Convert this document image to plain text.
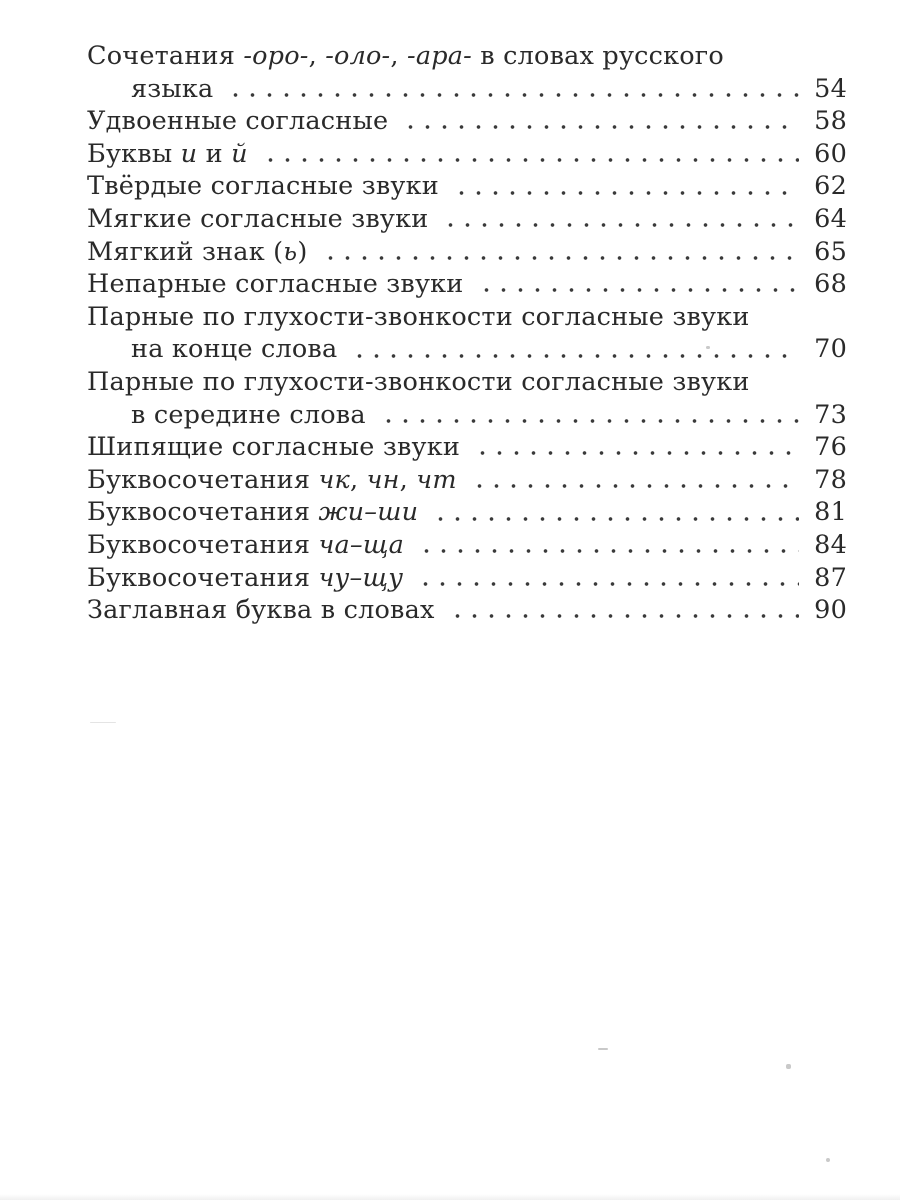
Сочетания -оро-, -оло-, -ара- в словах русского
языка	54
Удвоенные согласные	58
Буквы и и й	60
Твёрдые согласные звуки	62
Мягкие согласные звуки	64
Мягкий знак (ь)	65
Непарные согласные звуки	68
Парные по глухости-звонкости согласные звуки
на конце слова	70
Парные по глухости-звонкости согласные звуки
в середине слова	73
Шипящие согласные звуки	76
Буквосочетания чк, чн, чт	78
Буквосочетания жи–ши	81
Буквосочетания ча–ща	84
Буквосочетания чу–щу	87
Заглавная буква в словах	90
